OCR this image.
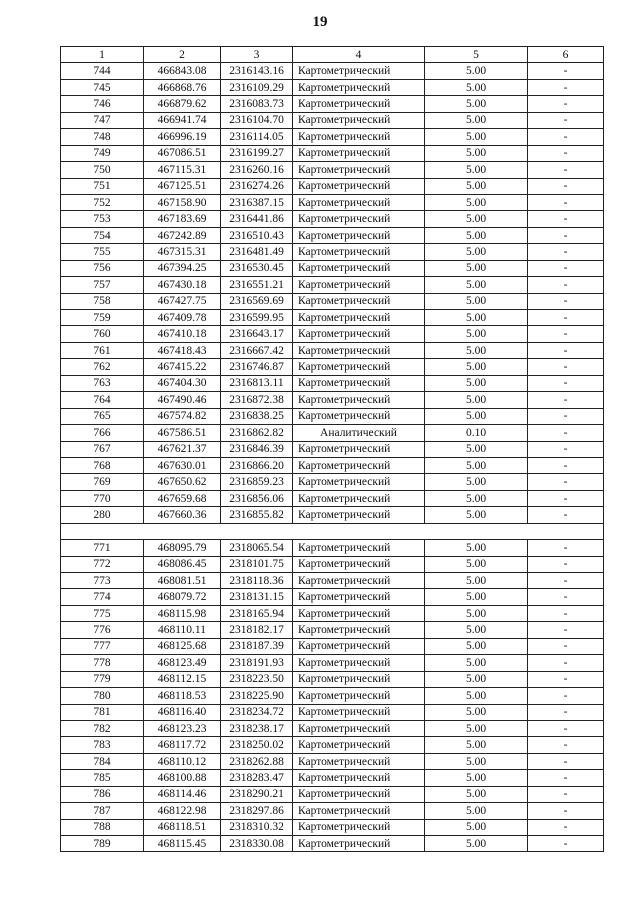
19
1	2	3	4	5	6
744	466843.08	2316143.16	Картометрический	5.00	-
745	466868.76	2316109.29	Картометрический	5.00	-
746	466879.62	2316083.73	Картометрический	5.00	-
747	466941.74	2316104.70	Картометрический	5.00	-
748	466996.19	2316114.05	Картометрический	5.00	-
749	467086.51	2316199.27	Картометрический	5.00	-
750	467115.31	2316260.16	Картометрический	5.00	-
751	467125.51	2316274.26	Картометрический	5.00	-
752	467158.90	2316387.15	Картометрический	5.00	-
753	467183.69	2316441.86	Картометрический	5.00	-
754	467242.89	2316510.43	Картометрический	5.00	-
755	467315.31	2316481.49	Картометрический	5.00	-
756	467394.25	2316530.45	Картометрический	5.00	-
757	467430.18	2316551.21	Картометрический	5.00	-
758	467427.75	2316569.69	Картометрический	5.00	-
759	467409.78	2316599.95	Картометрический	5.00	-
760	467410.18	2316643.17	Картометрический	5.00	-
761	467418.43	2316667.42	Картометрический	5.00	-
762	467415.22	2316746.87	Картометрический	5.00	-
763	467404.30	2316813.11	Картометрический	5.00	-
764	467490.46	2316872.38	Картометрический	5.00	-
765	467574.82	2316838.25	Картометрический	5.00	-
766	467586.51	2316862.82	Аналитический	0.10	-
767	467621.37	2316846.39	Картометрический	5.00	-
768	467630.01	2316866.20	Картометрический	5.00	-
769	467650.62	2316859.23	Картометрический	5.00	-
770	467659.68	2316856.06	Картометрический	5.00	-
280	467660.36	2316855.82	Картометрический	5.00	-

771	468095.79	2318065.54	Картометрический	5.00	-
772	468086.45	2318101.75	Картометрический	5.00	-
773	468081.51	2318118.36	Картометрический	5.00	-
774	468079.72	2318131.15	Картометрический	5.00	-
775	468115.98	2318165.94	Картометрический	5.00	-
776	468110.11	2318182.17	Картометрический	5.00	-
777	468125.68	2318187.39	Картометрический	5.00	-
778	468123.49	2318191.93	Картометрический	5.00	-
779	468112.15	2318223.50	Картометрический	5.00	-
780	468118.53	2318225.90	Картометрический	5.00	-
781	468116.40	2318234.72	Картометрический	5.00	-
782	468123.23	2318238.17	Картометрический	5.00	-
783	468117.72	2318250.02	Картометрический	5.00	-
784	468110.12	2318262.88	Картометрический	5.00	-
785	468100.88	2318283.47	Картометрический	5.00	-
786	468114.46	2318290.21	Картометрический	5.00	-
787	468122.98	2318297.86	Картометрический	5.00	-
788	468118.51	2318310.32	Картометрический	5.00	-
789	468115.45	2318330.08	Картометрический	5.00	-
